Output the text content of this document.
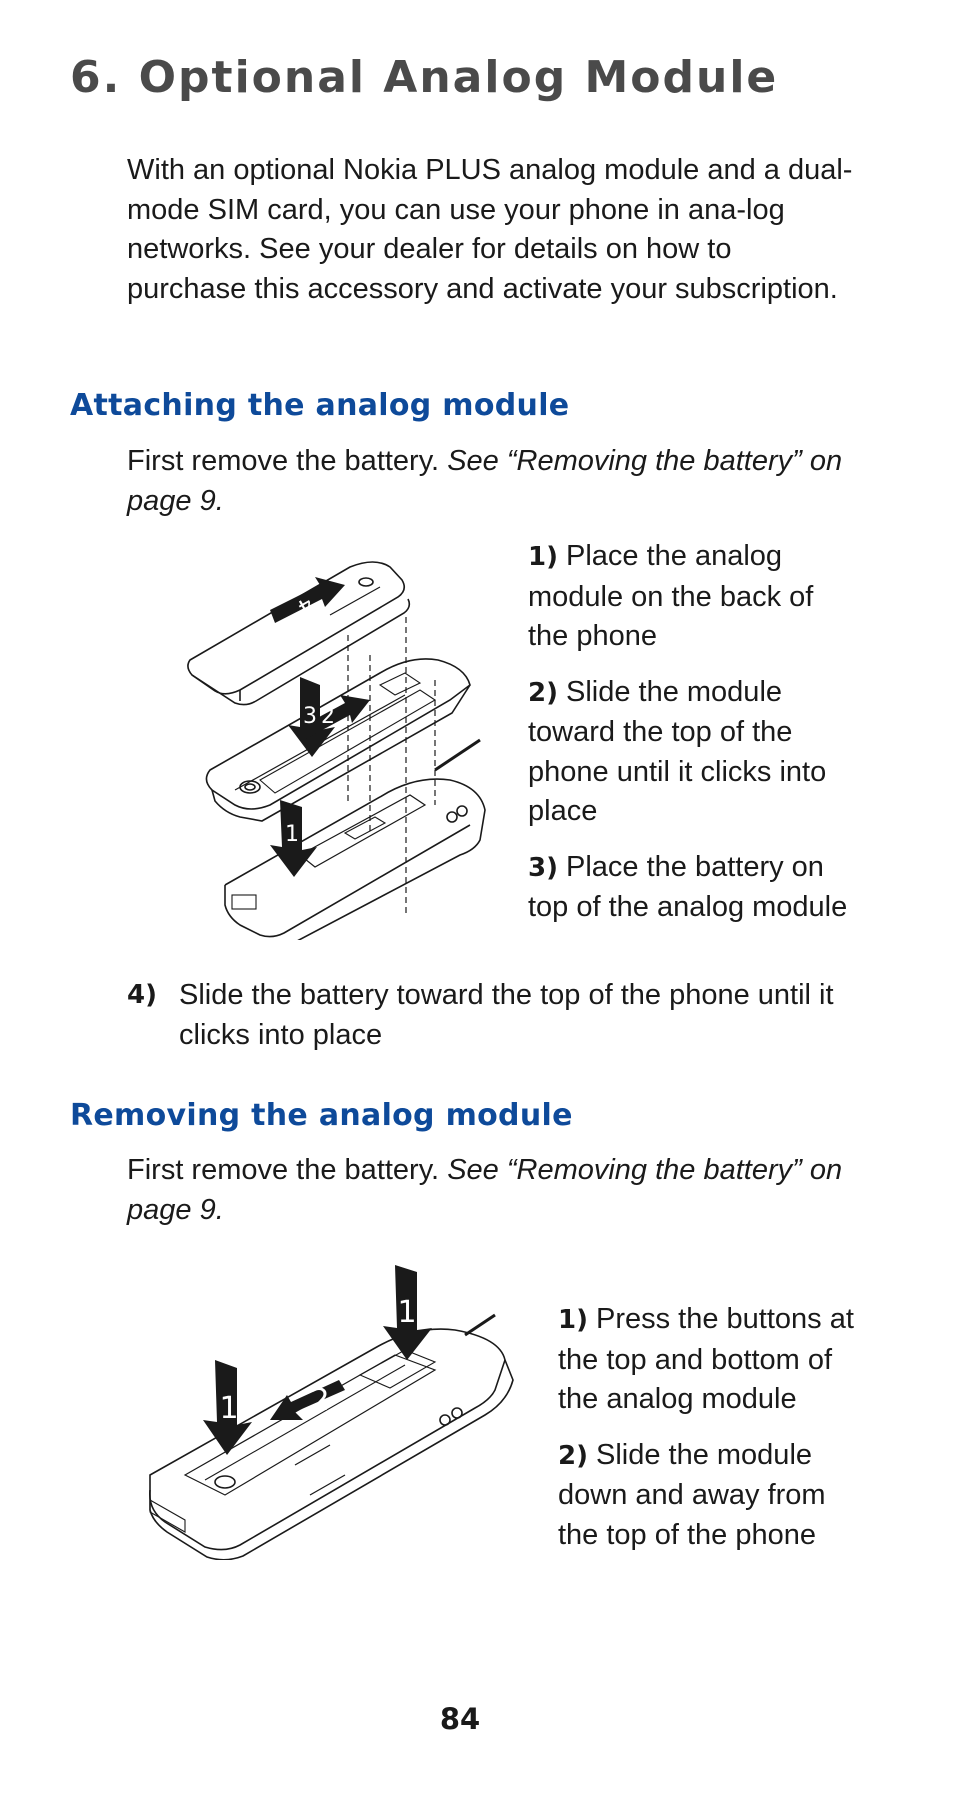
6. Optional Analog Module

With an optional Nokia PLUS analog module and a dual-mode SIM card, you can use your phone in ana-log networks. See your dealer for details on how to purchase this accessory and activate your subscription.

Attaching the analog module

First remove the battery. See “Removing the battery” on page 9.

4
3 2
1

1) Place the analog module on the back of the phone

2) Slide the module toward the top of the phone until it clicks into place

3) Place the battery on top of the analog module

4) Slide the battery toward the top of the phone until it clicks into place
Removing the analog module

First remove the battery. See “Removing the battery” on page 9.

1
1 2

1) Press the buttons at the top and bottom of the analog module

2) Slide the module down and away from the top of the phone

84
